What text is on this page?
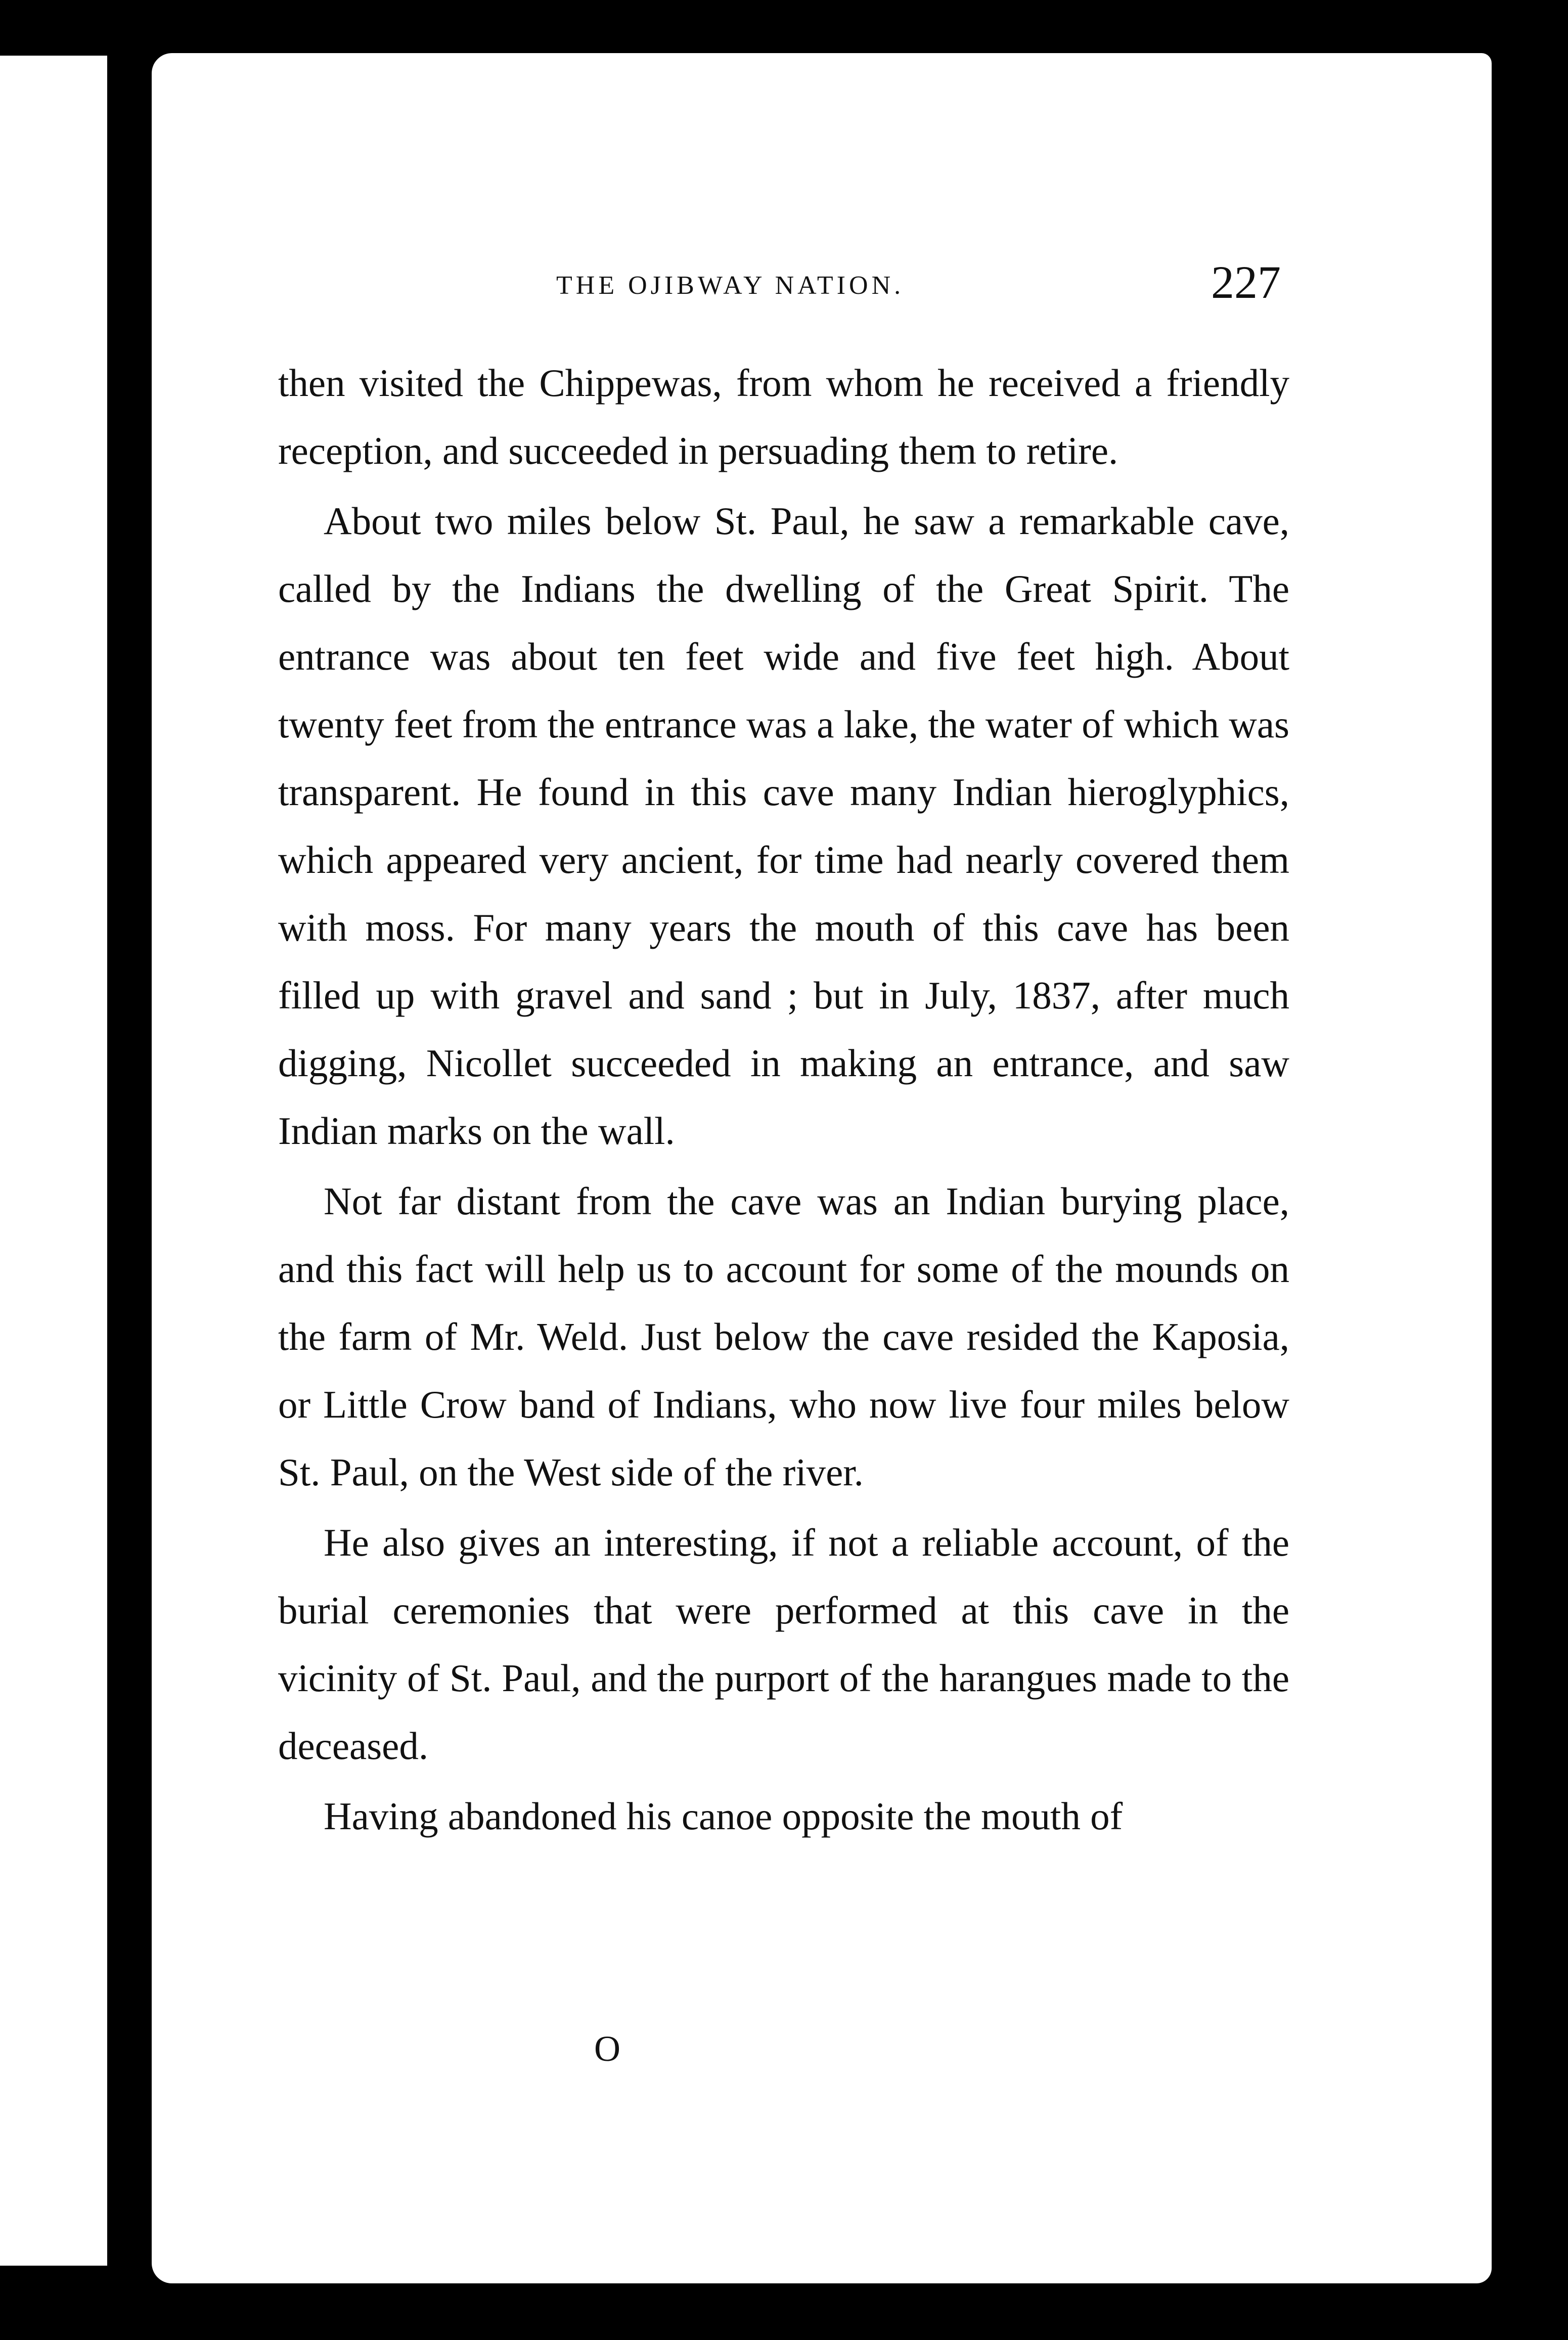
THE OJIBWAY NATION.	227

then visited the Chippewas, from whom he received a friendly reception, and succeeded in persuading them to retire.

About two miles below St. Paul, he saw a remarkable cave, called by the Indians the dwelling of the Great Spirit. The entrance was about ten feet wide and five feet high. About twenty feet from the entrance was a lake, the water of which was transparent. He found in this cave many Indian hieroglyphics, which appeared very ancient, for time had nearly covered them with moss. For many years the mouth of this cave has been filled up with gravel and sand ; but in July, 1837, after much digging, Nicollet succeeded in making an entrance, and saw Indian marks on the wall.

Not far distant from the cave was an Indian burying place, and this fact will help us to account for some of the mounds on the farm of Mr. Weld. Just below the cave resided the Kaposia, or Little Crow band of Indians, who now live four miles below St. Paul, on the West side of the river.

He also gives an interesting, if not a reliable account, of the burial ceremonies that were performed at this cave in the vicinity of St. Paul, and the purport of the harangues made to the deceased.

Having abandoned his canoe opposite the mouth of

O
